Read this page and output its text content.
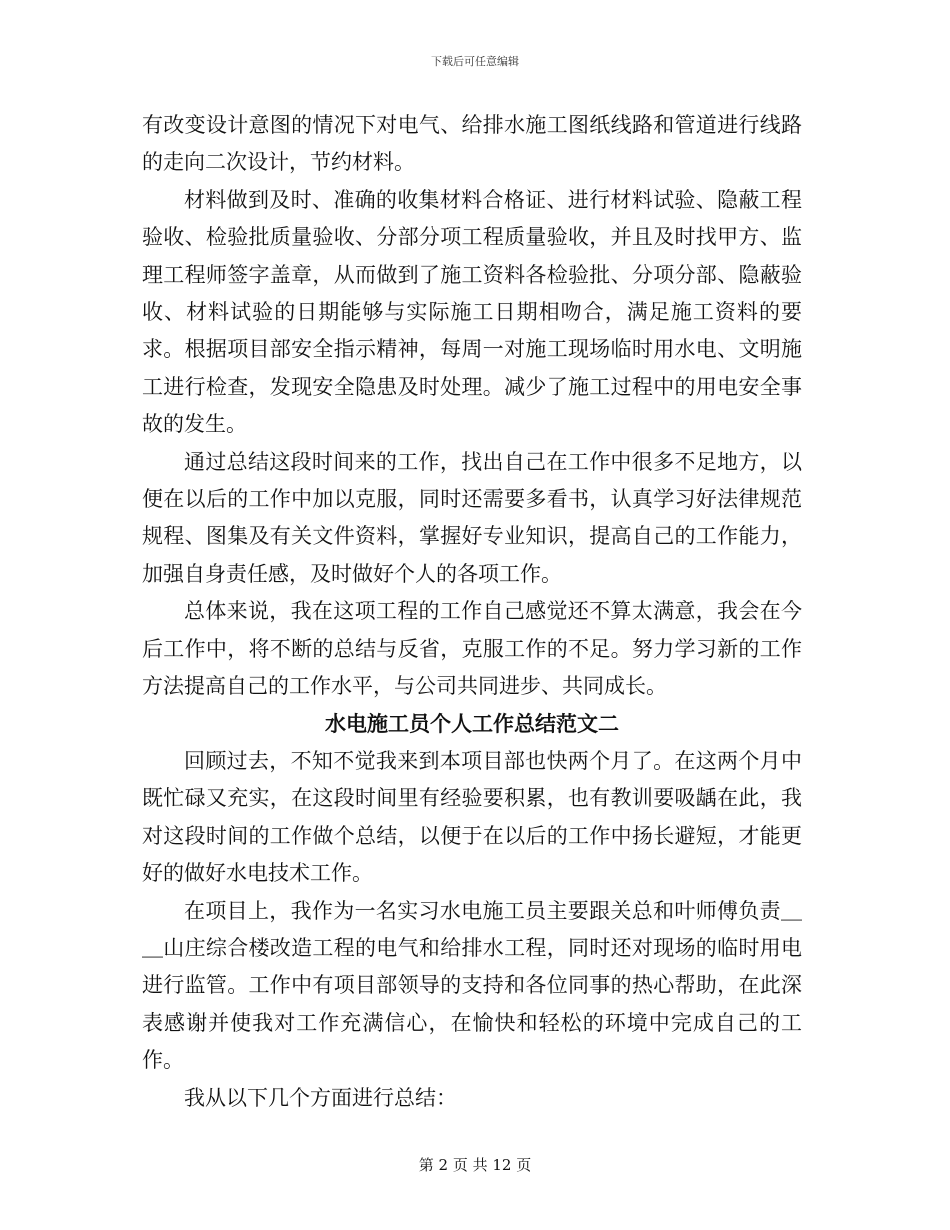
下载后可任意编辑

有改变设计意图的情况下对电气、给排水施工图纸线路和管道进行线路的走向二次设计，节约材料。

材料做到及时、准确的收集材料合格证、进行材料试验、隐蔽工程验收、检验批质量验收、分部分项工程质量验收，并且及时找甲方、监理工程师签字盖章，从而做到了施工资料各检验批、分项分部、隐蔽验收、材料试验的日期能够与实际施工日期相吻合，满足施工资料的要求。根据项目部安全指示精神，每周一对施工现场临时用水电、文明施工进行检查，发现安全隐患及时处理。减少了施工过程中的用电安全事故的发生。

通过总结这段时间来的工作，找出自己在工作中很多不足地方，以便在以后的工作中加以克服，同时还需要多看书，认真学习好法律规范规程、图集及有关文件资料，掌握好专业知识，提高自己的工作能力，加强自身责任感，及时做好个人的各项工作。

总体来说，我在这项工程的工作自己感觉还不算太满意，我会在今后工作中，将不断的总结与反省，克服工作的不足。努力学习新的工作方法提高自己的工作水平，与公司共同进步、共同成长。

水电施工员个人工作总结范文二

回顾过去，不知不觉我来到本项目部也快两个月了。在这两个月中既忙碌又充实，在这段时间里有经验要积累，也有教训要吸龋在此，我对这段时间的工作做个总结，以便于在以后的工作中扬长避短，才能更好的做好水电技术工作。

在项目上，我作为一名实习水电施工员主要跟关总和叶师傅负责＿＿山庄综合楼改造工程的电气和给排水工程，同时还对现场的临时用电进行监管。工作中有项目部领导的支持和各位同事的热心帮助，在此深表感谢并使我对工作充满信心，在愉快和轻松的环境中完成自己的工作。

我从以下几个方面进行总结：

第 2 页 共 12 页
